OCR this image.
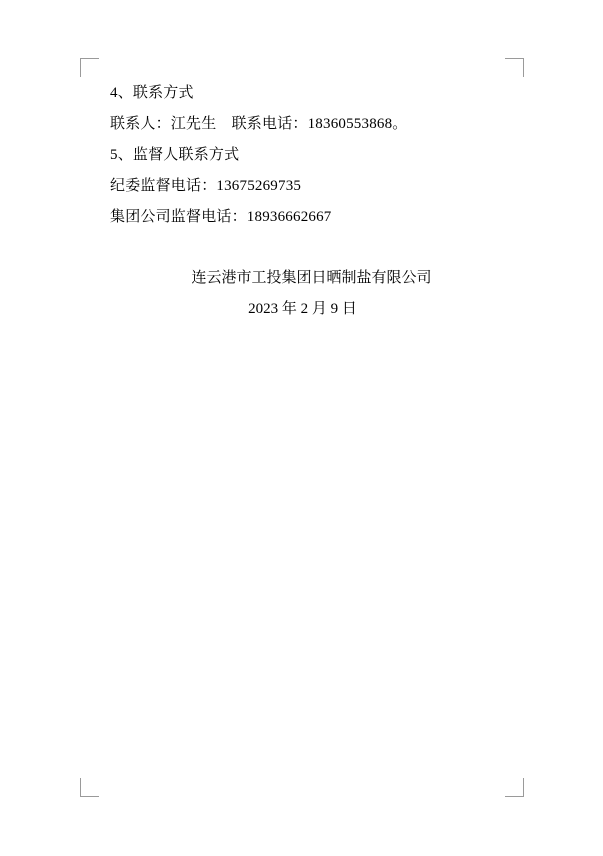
4、联系方式
联系人：江先生　联系电话：18360553868。
5、监督人联系方式
纪委监督电话：13675269735
集团公司监督电话：18936662667
连云港市工投集团日晒制盐有限公司
2023 年 2 月 9 日
